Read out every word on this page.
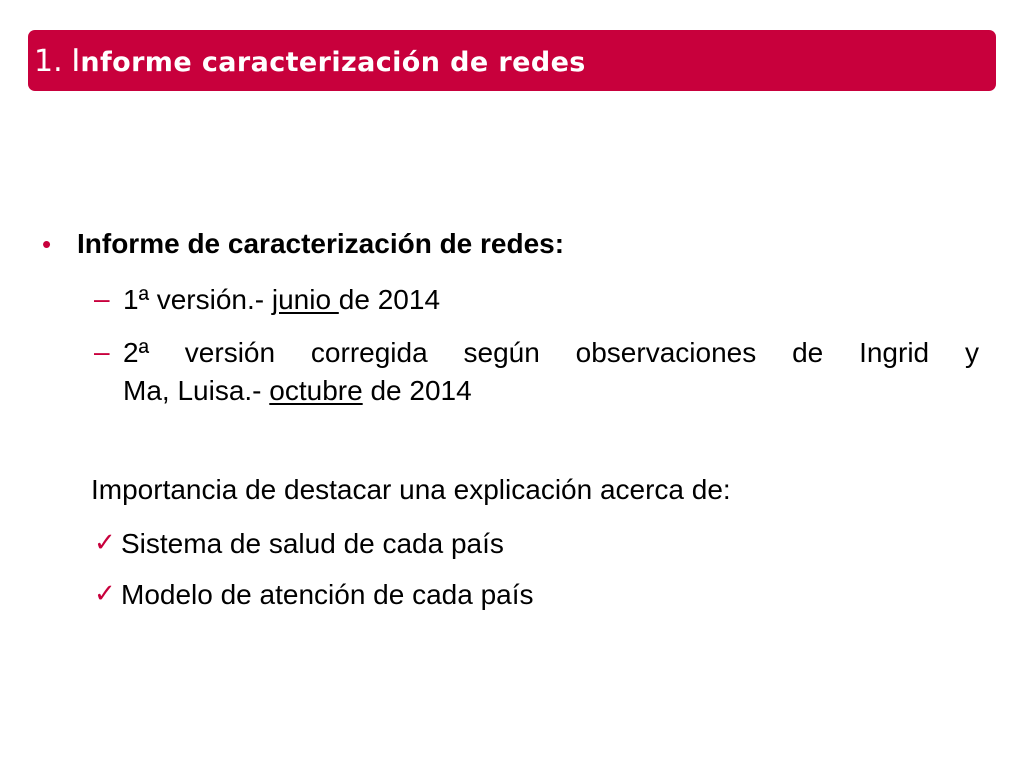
1. Informe caracterización de redes
• Informe de caracterización de redes:
– 1ª versión.- junio de 2014
– 2ª versión corregida según observaciones de Ingrid y
Ma, Luisa.- octubre de 2014
Importancia de destacar una explicación acerca de:
✓ Sistema de salud de cada país
✓ Modelo de atención de cada país
